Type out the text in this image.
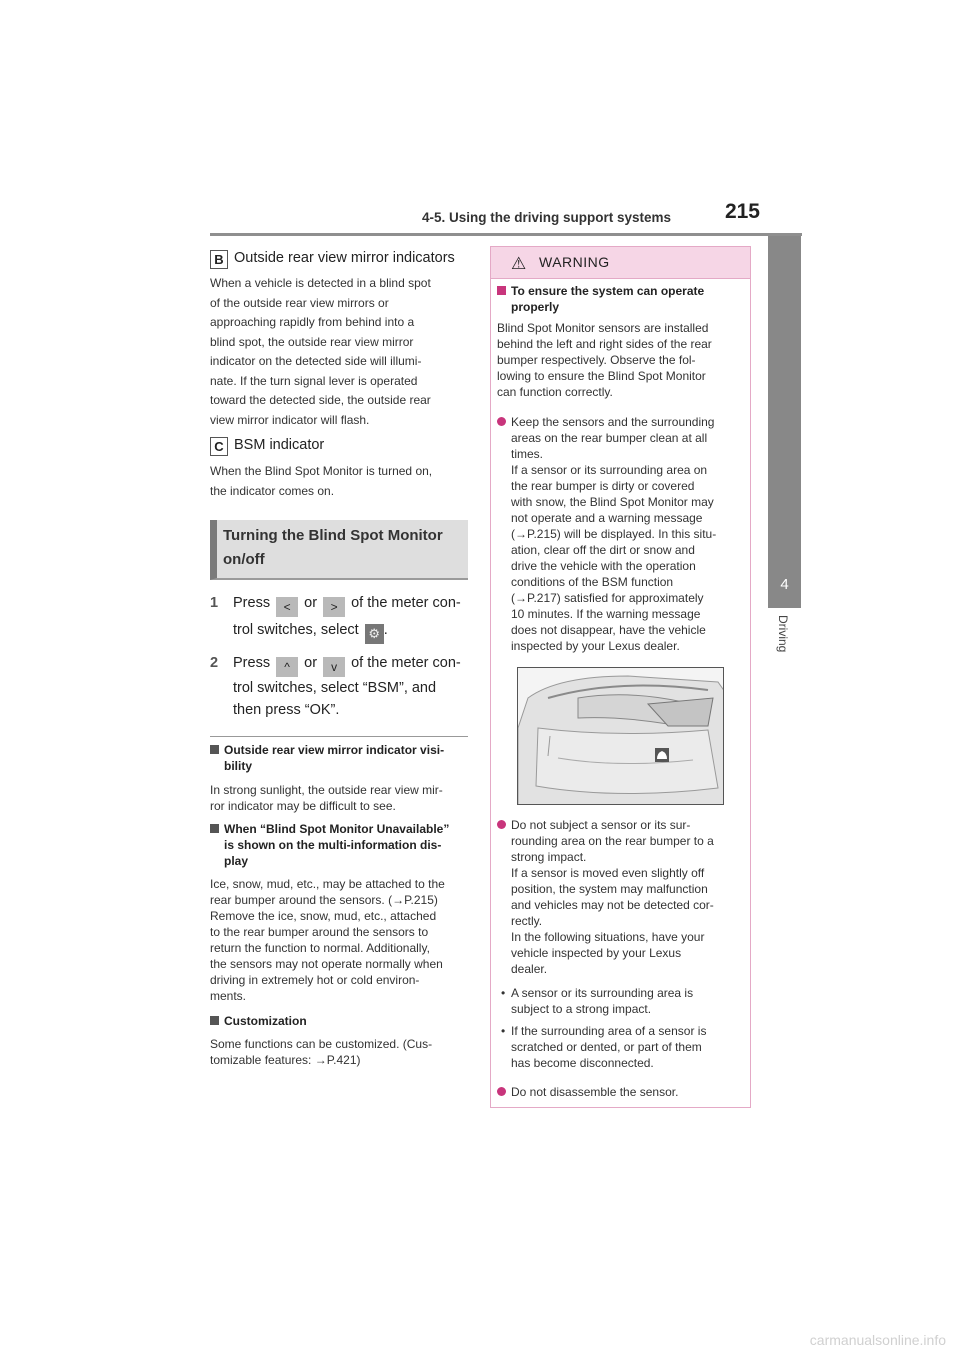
4-5. Using the driving support systems	215
4
Driving
B Outside rear view mirror indicators
When a vehicle is detected in a blind spot
of the outside rear view mirrors or
approaching rapidly from behind into a
blind spot, the outside rear view mirror
indicator on the detected side will illumi-
nate. If the turn signal lever is operated
toward the detected side, the outside rear
view mirror indicator will flash.
C BSM indicator
When the Blind Spot Monitor is turned on,
the indicator comes on.
Turning the Blind Spot Monitor
on/off
1 Press < or > of the meter con-
trol switches, select ⚙ .
2 Press ^ or v of the meter con-
trol switches, select “BSM”, and
then press “OK”.
Outside rear view mirror indicator visi-
bility
In strong sunlight, the outside rear view mir-
ror indicator may be difficult to see.
When “Blind Spot Monitor Unavailable”
is shown on the multi-information dis-
play
Ice, snow, mud, etc., may be attached to the
rear bumper around the sensors. (→P.215)
Remove the ice, snow, mud, etc., attached
to the rear bumper around the sensors to
return the function to normal. Additionally,
the sensors may not operate normally when
driving in extremely hot or cold environ-
ments.
Customization
Some functions can be customized. (Cus-
tomizable features: →P.421)
⚠ WARNING
To ensure the system can operate
properly
Blind Spot Monitor sensors are installed
behind the left and right sides of the rear
bumper respectively. Observe the fol-
lowing to ensure the Blind Spot Monitor
can function correctly.
Keep the sensors and the surrounding
areas on the rear bumper clean at all
times.
If a sensor or its surrounding area on
the rear bumper is dirty or covered
with snow, the Blind Spot Monitor may
not operate and a warning message
(→P.215) will be displayed. In this situ-
ation, clear off the dirt or snow and
drive the vehicle with the operation
conditions of the BSM function
(→P.217) satisfied for approximately
10 minutes. If the warning message
does not disappear, have the vehicle
inspected by your Lexus dealer.
Do not subject a sensor or its sur-
rounding area on the rear bumper to a
strong impact.
If a sensor is moved even slightly off
position, the system may malfunction
and vehicles may not be detected cor-
rectly.
In the following situations, have your
vehicle inspected by your Lexus
dealer.
• A sensor or its surrounding area is
subject to a strong impact.
• If the surrounding area of a sensor is
scratched or dented, or part of them
has become disconnected.
Do not disassemble the sensor.
carmanualsonline.info
